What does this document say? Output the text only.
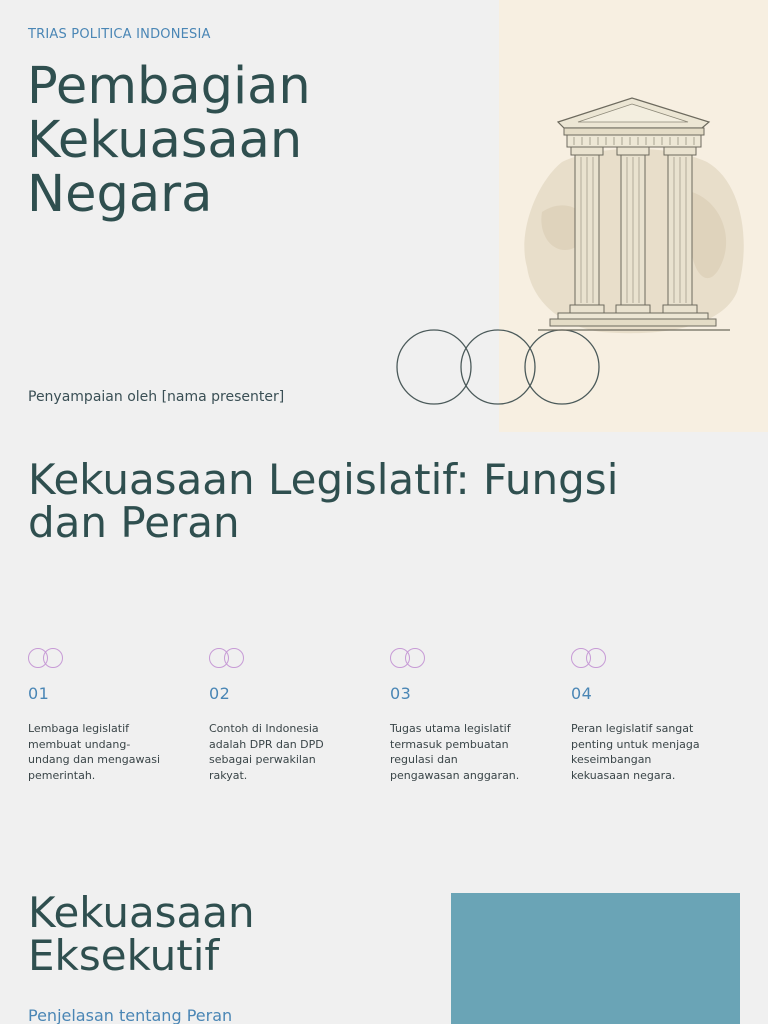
TRIAS POLITICA INDONESIA
Pembagian
Kekuasaan
Negara
Penyampaian oleh [nama presenter]
Kekuasaan Legislatif: Fungsi
dan Peran
01
Lembaga legislatif membuat undang-undang dan mengawasi pemerintah.
02
Contoh di Indonesia adalah DPR dan DPD sebagai perwakilan rakyat.
03
Tugas utama legislatif termasuk pembuatan regulasi dan pengawasan anggaran.
04
Peran legislatif sangat penting untuk menjaga keseimbangan kekuasaan negara.
Kekuasaan
Eksekutif
Penjelasan tentang Peran
